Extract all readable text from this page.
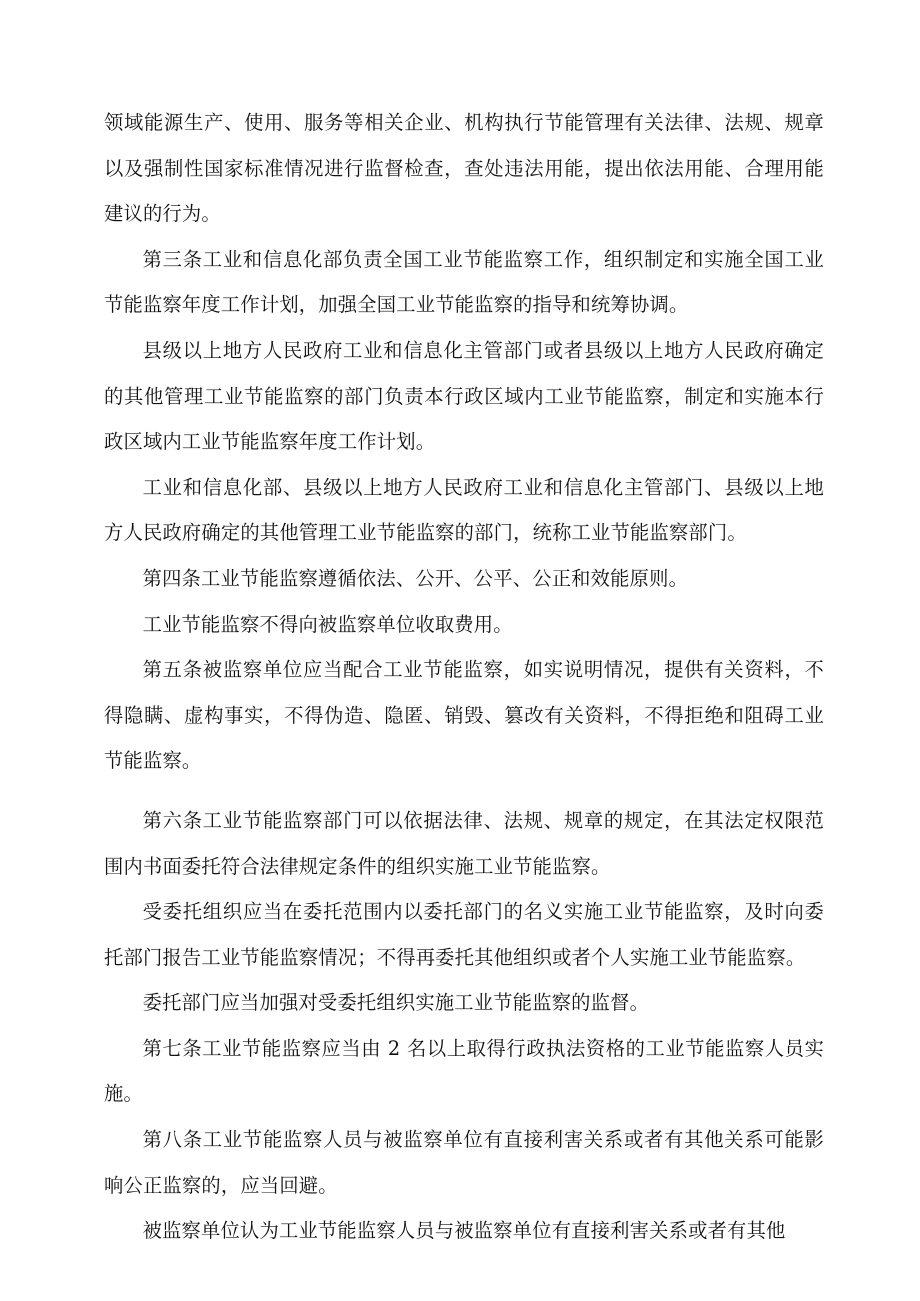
领域能源生产、使用、服务等相关企业、机构执行节能管理有关法律、法规、规章以及强制性国家标准情况进行监督检查，查处违法用能，提出依法用能、合理用能建议的行为。

第三条工业和信息化部负责全国工业节能监察工作，组织制定和实施全国工业节能监察年度工作计划，加强全国工业节能监察的指导和统筹协调。

县级以上地方人民政府工业和信息化主管部门或者县级以上地方人民政府确定的其他管理工业节能监察的部门负责本行政区域内工业节能监察，制定和实施本行政区域内工业节能监察年度工作计划。

工业和信息化部、县级以上地方人民政府工业和信息化主管部门、县级以上地方人民政府确定的其他管理工业节能监察的部门，统称工业节能监察部门。

第四条工业节能监察遵循依法、公开、公平、公正和效能原则。

工业节能监察不得向被监察单位收取费用。

第五条被监察单位应当配合工业节能监察，如实说明情况，提供有关资料，不得隐瞒、虚构事实，不得伪造、隐匿、销毁、篡改有关资料，不得拒绝和阻碍工业节能监察。

第六条工业节能监察部门可以依据法律、法规、规章的规定，在其法定权限范围内书面委托符合法律规定条件的组织实施工业节能监察。

受委托组织应当在委托范围内以委托部门的名义实施工业节能监察，及时向委托部门报告工业节能监察情况；不得再委托其他组织或者个人实施工业节能监察。

委托部门应当加强对受委托组织实施工业节能监察的监督。

第七条工业节能监察应当由 2 名以上取得行政执法资格的工业节能监察人员实施。

第八条工业节能监察人员与被监察单位有直接利害关系或者有其他关系可能影响公正监察的，应当回避。

被监察单位认为工业节能监察人员与被监察单位有直接利害关系或者有其他
